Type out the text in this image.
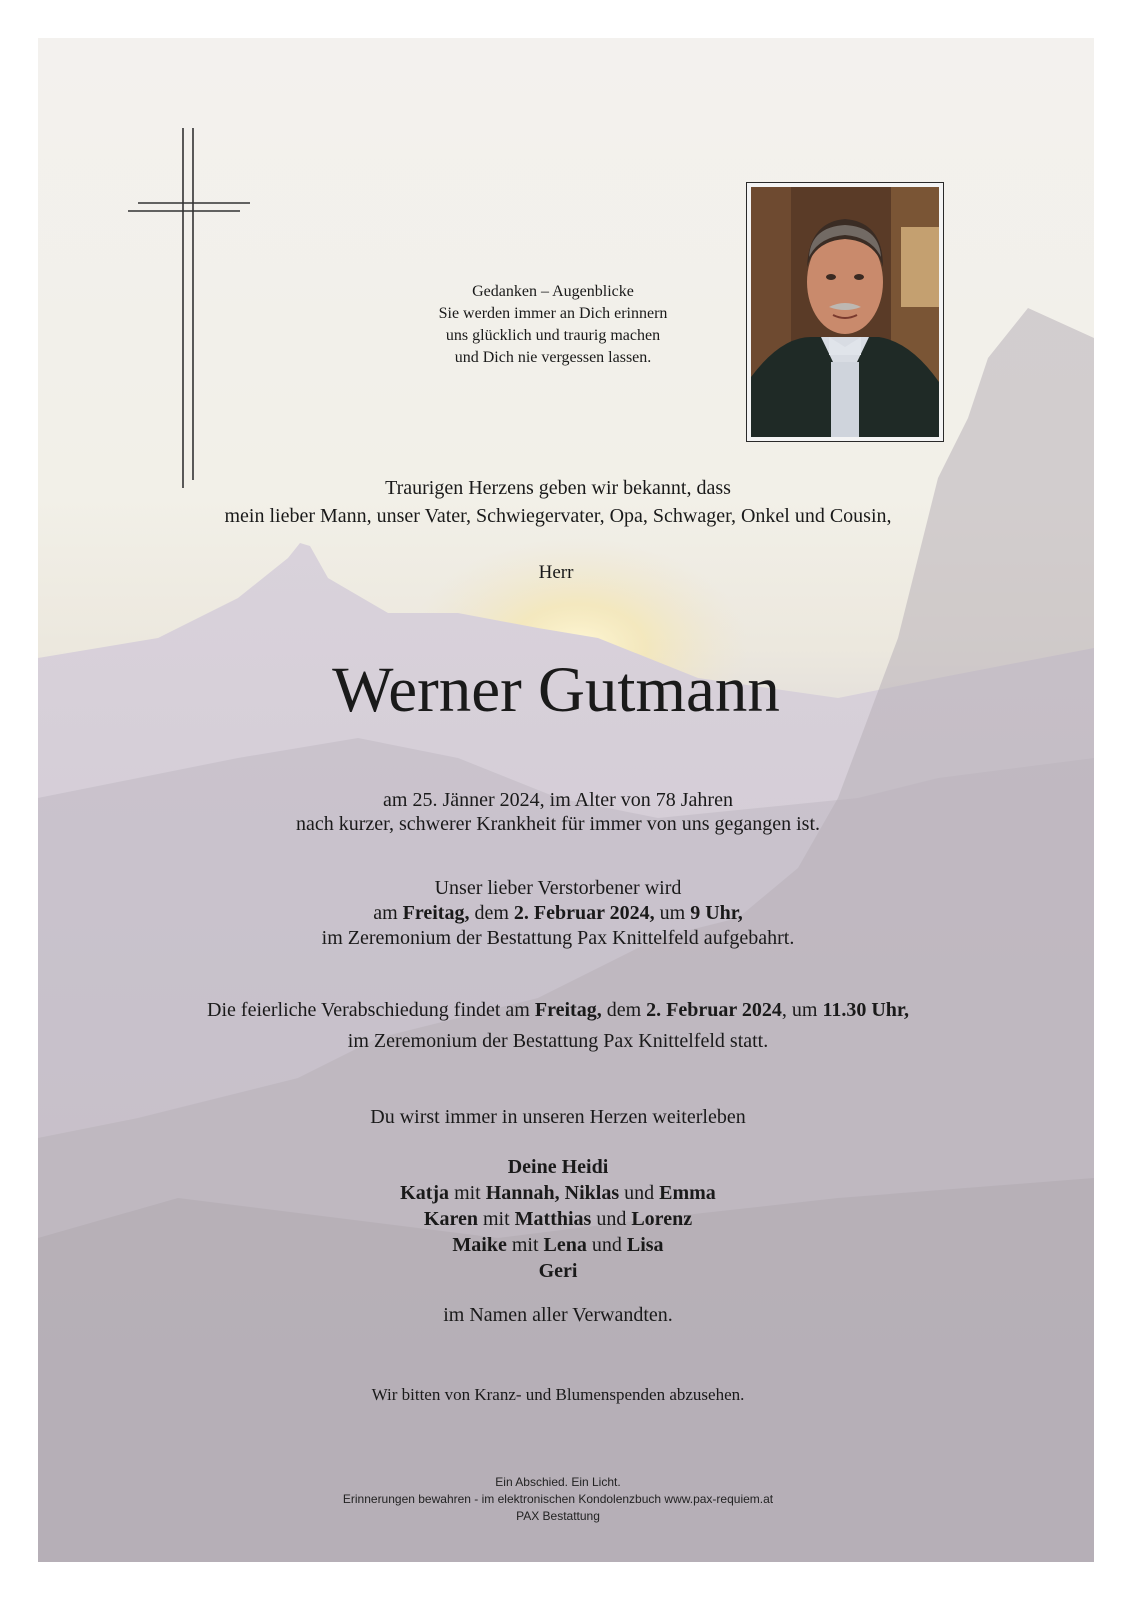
Gedanken – Augenblicke
Sie werden immer an Dich erinnern
uns glücklich und traurig machen
und Dich nie vergessen lassen.
Traurigen Herzens geben wir bekannt, dass
mein lieber Mann, unser Vater, Schwiegervater, Opa, Schwager, Onkel und Cousin,
Herr
Werner Gutmann
am 25. Jänner 2024, im Alter von 78 Jahren
nach kurzer, schwerer Krankheit für immer von uns gegangen ist.
Unser lieber Verstorbener wird
am Freitag, dem 2. Februar 2024, um 9 Uhr,
im Zeremonium der Bestattung Pax Knittelfeld aufgebahrt.
Die feierliche Verabschiedung findet am Freitag, dem 2. Februar 2024, um 11.30 Uhr,
im Zeremonium der Bestattung Pax Knittelfeld statt.
Du wirst immer in unseren Herzen weiterleben
Deine Heidi
Katja mit Hannah, Niklas und Emma
Karen mit Matthias und Lorenz
Maike mit Lena und Lisa
Geri
im Namen aller Verwandten.
Wir bitten von Kranz- und Blumenspenden abzusehen.
Ein Abschied. Ein Licht.
Erinnerungen bewahren - im elektronischen Kondolenzbuch www.pax-requiem.at
PAX Bestattung
